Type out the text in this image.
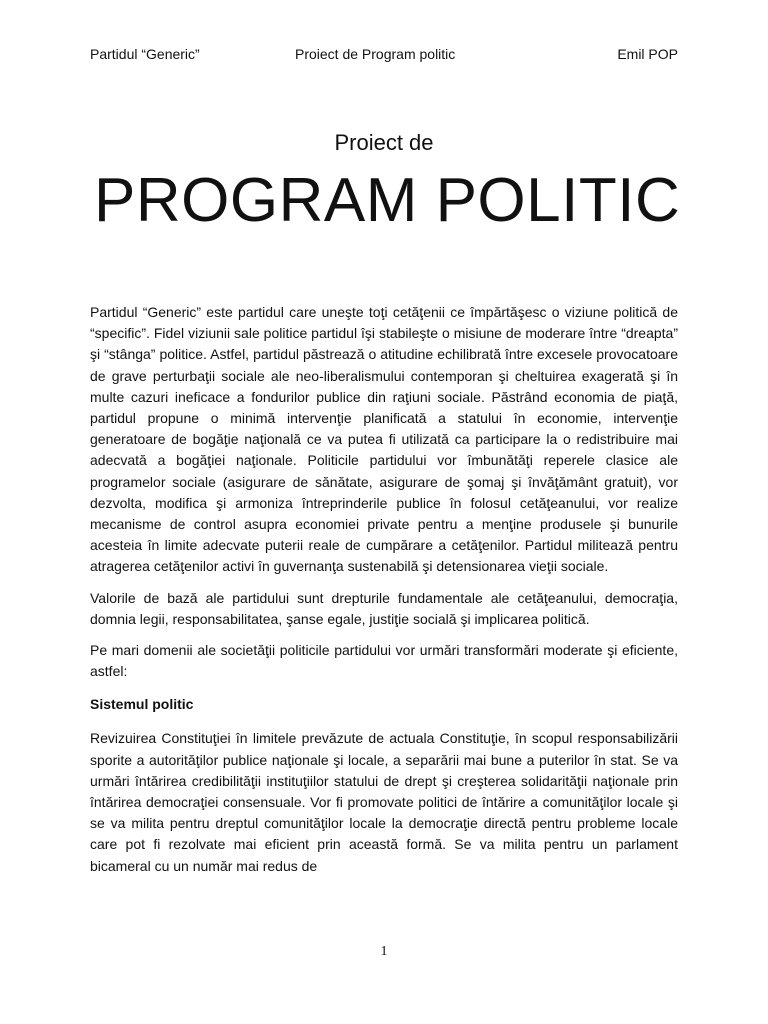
Partidul “Generic”	Proiect de Program politic	Emil POP
Proiect de
PROGRAM POLITIC

Partidul “Generic” este partidul care uneşte toţi cetăţenii ce împărtăşesc o viziune politică de “specific”. Fidel viziunii sale politice partidul îşi stabileşte o misiune de moderare între “dreapta” şi “stânga” politice. Astfel, partidul păstrează o atitudine echilibrată între excesele provocatoare de grave perturbaţii sociale ale neo-liberalismului contemporan şi cheltuirea exagerată şi în multe cazuri ineficace a fondurilor publice din raţiuni sociale. Păstrând economia de piaţă, partidul propune o minimă intervenţie planificată a statului în economie, intervenţie generatoare de bogăţie naţională ce va putea fi utilizată ca participare la o redistribuire mai adecvată a bogăţiei naţionale. Politicile partidului vor îmbunătăţi reperele clasice ale programelor sociale (asigurare de sănătate, asigurare de şomaj şi învăţământ gratuit), vor dezvolta, modifica şi armoniza întreprinderile publice în folosul cetăţeanului, vor realize mecanisme de control asupra economiei private pentru a menţine produsele şi bunurile acesteia în limite adecvate puterii reale de cumpărare a cetăţenilor. Partidul militează pentru atragerea cetăţenilor activi în guvernanţa sustenabilă şi detensionarea vieţii sociale.

Valorile de bază ale partidului sunt drepturile fundamentale ale cetăţeanului, democraţia, domnia legii, responsabilitatea, şanse egale, justiţie socială şi implicarea politică.

Pe mari domenii ale societăţii politicile partidului vor urmări transformări moderate şi eficiente, astfel:

Sistemul politic

Revizuirea Constituţiei în limitele prevăzute de actuala Constituţie, în scopul responsabilizării sporite a autorităţilor publice naţionale şi locale, a separării mai bune a puterilor în stat. Se va urmări întărirea credibilităţii instituţiilor statului de drept şi creşterea solidarităţii naţionale prin întărirea democraţiei consensuale. Vor fi promovate politici de întărire a comunităţilor locale şi se va milita pentru dreptul comunităţilor locale la democraţie directă pentru probleme locale care pot fi rezolvate mai eficient prin această formă. Se va milita pentru un parlament bicameral cu un număr mai redus de

1
